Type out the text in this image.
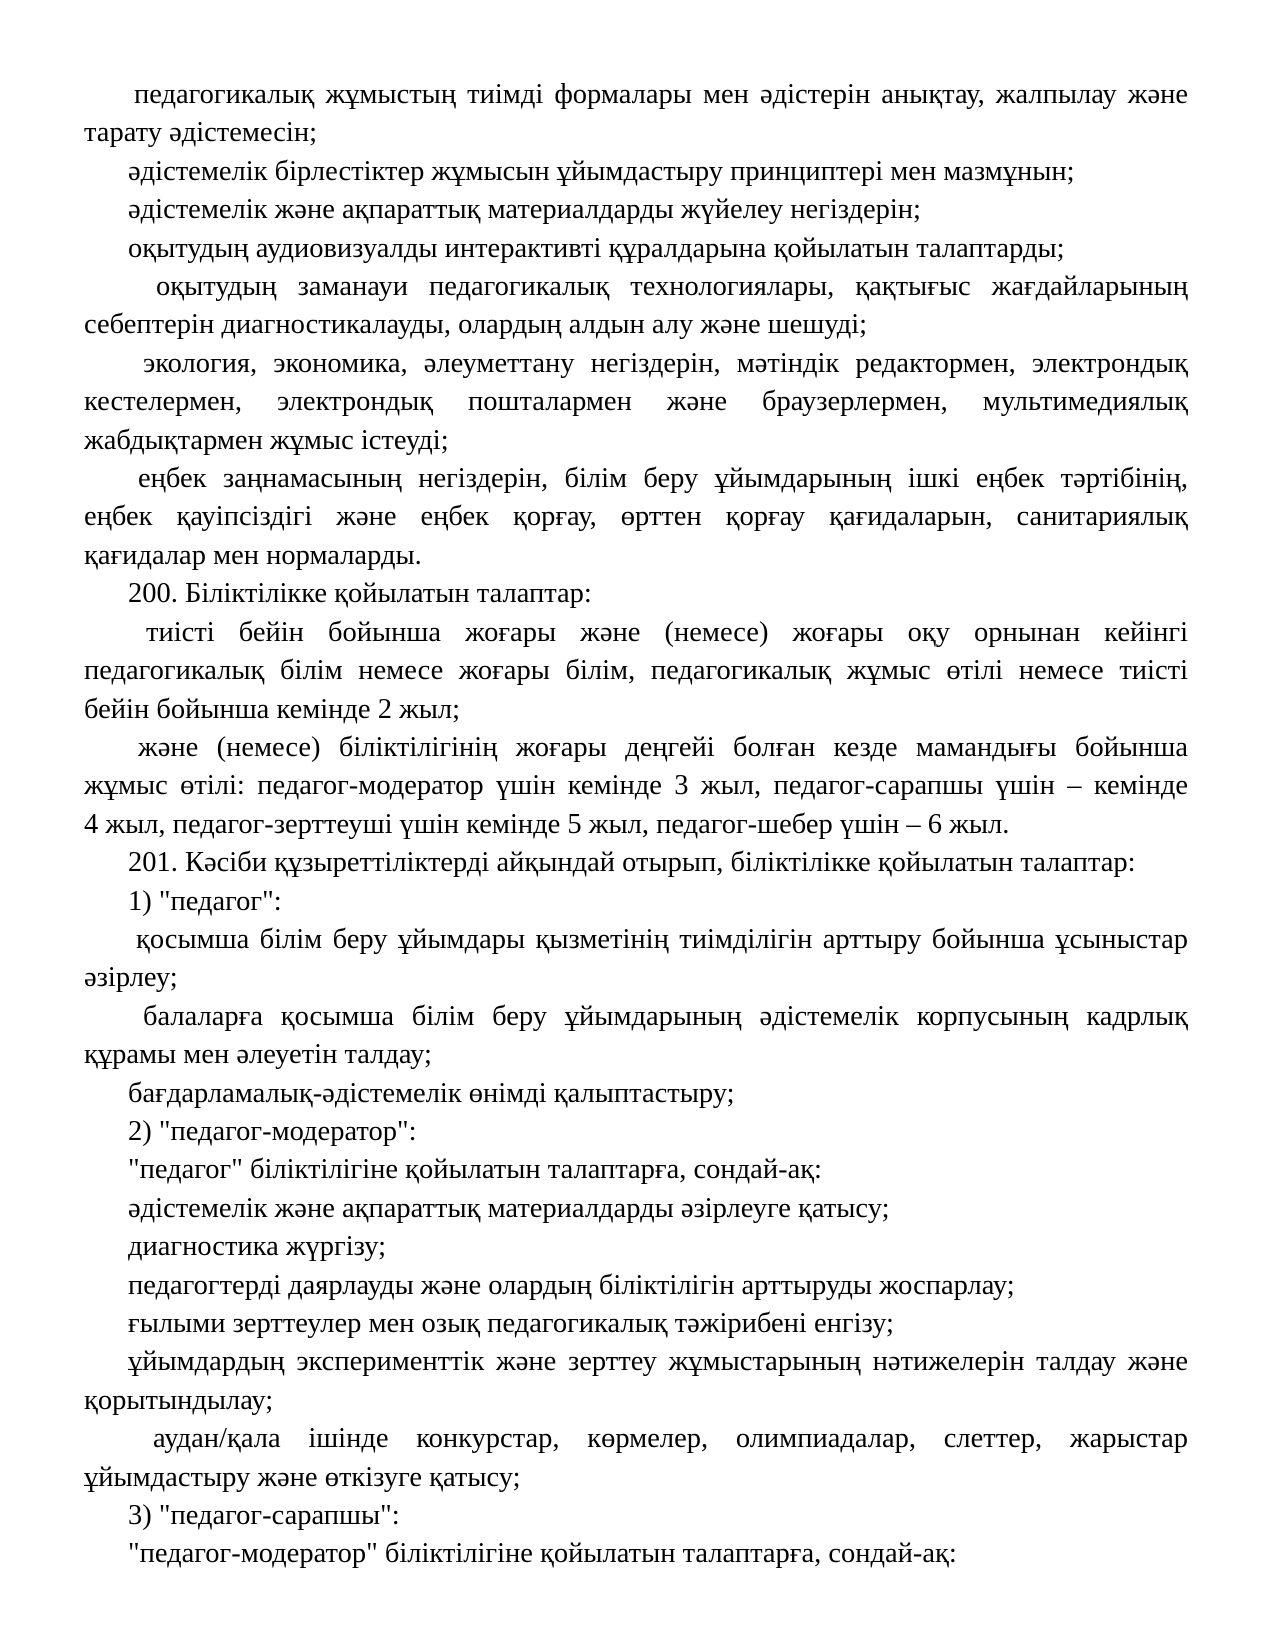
педагогикалық жұмыстың тиімді формалары мен әдістерін анықтау, жалпылау және
тарату әдістемесін;
әдістемелік бірлестіктер жұмысын ұйымдастыру принциптері мен мазмұнын;
әдістемелік және ақпараттық материалдарды жүйелеу негіздерін;
оқытудың аудиовизуалды интерактивті құралдарына қойылатын талаптарды;
оқытудың заманауи педагогикалық технологиялары, қақтығыс жағдайларының
себептерін диагностикалауды, олардың алдын алу және шешуді;
экология, экономика, әлеуметтану негіздерін, мәтіндік редактормен, электрондық
кестелермен, электрондық пошталармен және браузерлермен, мультимедиялық
жабдықтармен жұмыс істеуді;
еңбек заңнамасының негіздерін, білім беру ұйымдарының ішкі еңбек тәртібінің,
еңбек қауіпсіздігі және еңбек қорғау, өрттен қорғау қағидаларын, санитариялық
қағидалар мен нормаларды.
200. Біліктілікке қойылатын талаптар:
тиісті бейін бойынша жоғары және (немесе) жоғары оқу орнынан кейінгі
педагогикалық білім немесе жоғары білім, педагогикалық жұмыс өтілі немесе тиісті
бейін бойынша кемінде 2 жыл;
және (немесе) біліктілігінің жоғары деңгейі болған кезде мамандығы бойынша
жұмыс өтілі: педагог-модератор үшін кемінде 3 жыл, педагог-сарапшы үшін – кемінде
4 жыл, педагог-зерттеуші үшін кемінде 5 жыл, педагог-шебер үшін – 6 жыл.
201. Кәсіби құзыреттіліктерді айқындай отырып, біліктілікке қойылатын талаптар:
1) "педагог":
қосымша білім беру ұйымдары қызметінің тиімділігін арттыру бойынша ұсыныстар
әзірлеу;
балаларға қосымша білім беру ұйымдарының әдістемелік корпусының кадрлық
құрамы мен әлеуетін талдау;
бағдарламалық-әдістемелік өнімді қалыптастыру;
2) "педагог-модератор":
"педагог" біліктілігіне қойылатын талаптарға, сондай-ақ:
әдістемелік және ақпараттық материалдарды әзірлеуге қатысу;
диагностика жүргізу;
педагогтерді даярлауды және олардың біліктілігін арттыруды жоспарлау;
ғылыми зерттеулер мен озық педагогикалық тәжірибені енгізу;
ұйымдардың эксперименттік және зерттеу жұмыстарының нәтижелерін талдау және
қорытындылау;
аудан/қала ішінде конкурстар, көрмелер, олимпиадалар, слеттер, жарыстар
ұйымдастыру және өткізуге қатысу;
3) "педагог-сарапшы":
"педагог-модератор" біліктілігіне қойылатын талаптарға, сондай-ақ:
